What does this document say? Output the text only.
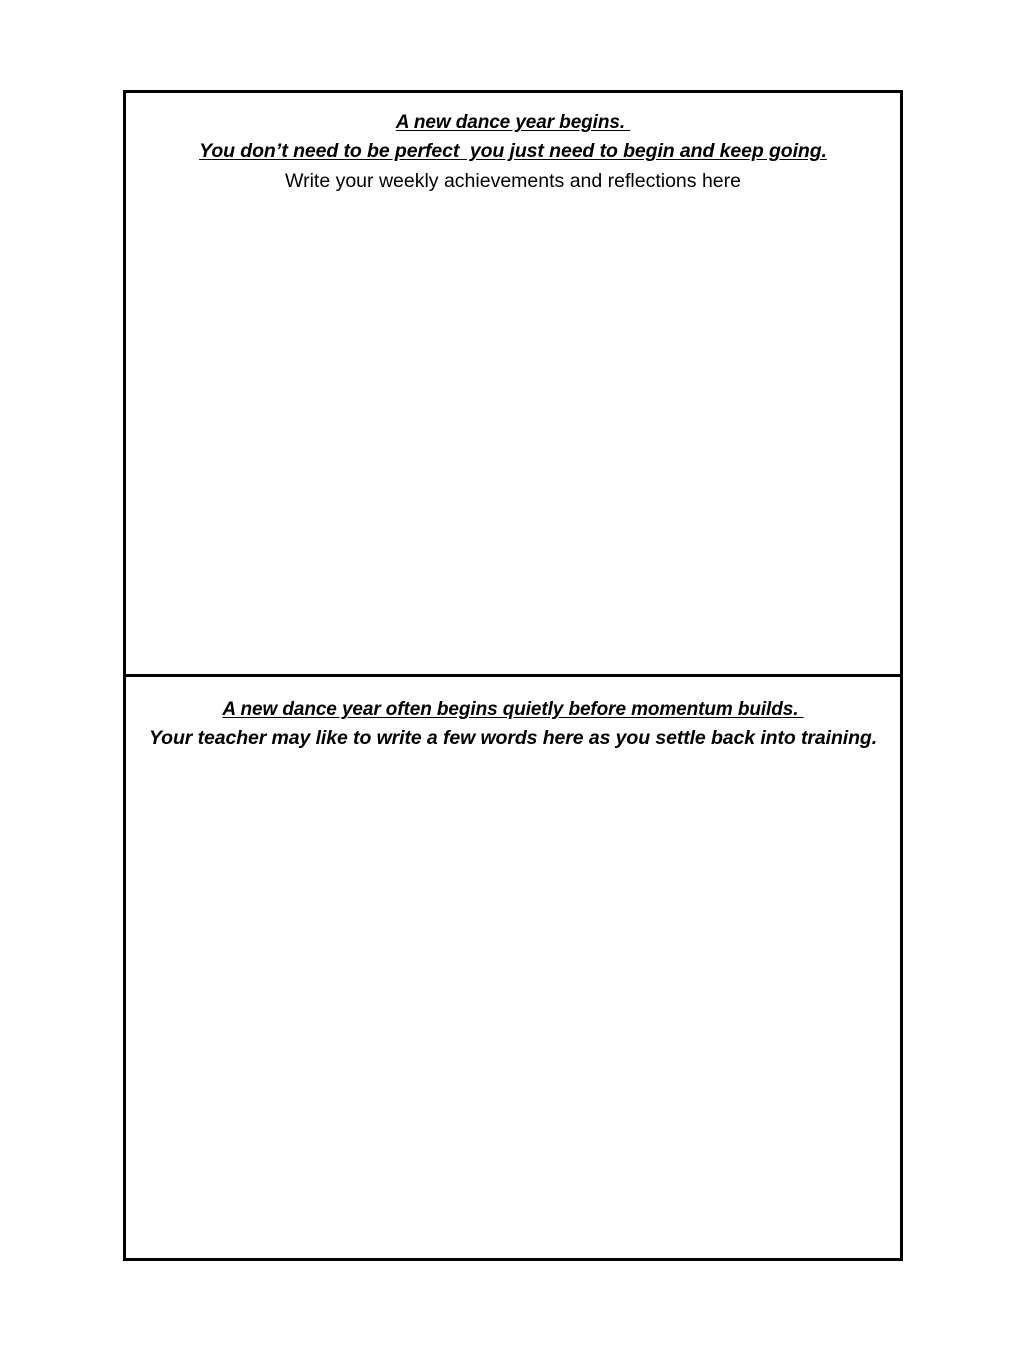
A new dance year begins.
You don’t need to be perfect  you just need to begin and keep going.
Write your weekly achievements and reflections here
A new dance year often begins quietly before momentum builds.
Your teacher may like to write a few words here as you settle back into training.
